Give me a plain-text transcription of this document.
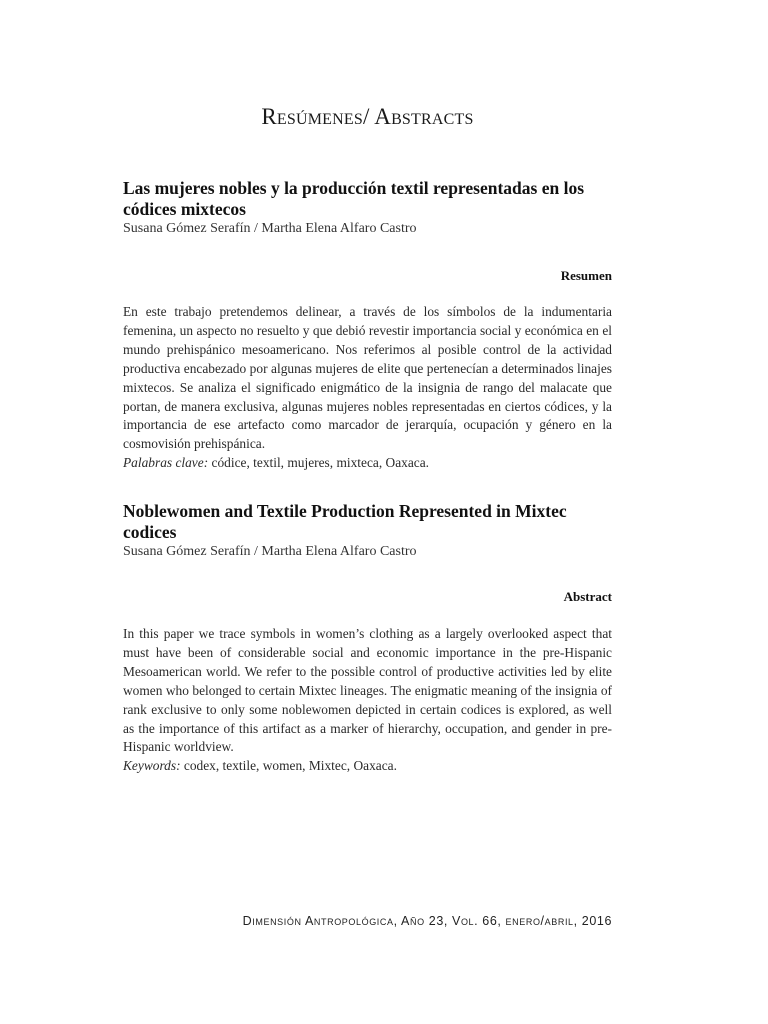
Resúmenes/ Abstracts
Las mujeres nobles y la producción textil representadas en los códices mixtecos

Susana Gómez Serafín / Martha Elena Alfaro Castro

Resumen

En este trabajo pretendemos delinear, a través de los símbolos de la indumentaria femenina, un aspecto no resuelto y que debió revestir importancia social y económica en el mundo prehispánico mesoamericano. Nos referimos al posible control de la actividad productiva encabezado por algunas mujeres de elite que pertenecían a determinados linajes mixtecos. Se analiza el significado enigmático de la insignia de rango del malacate que portan, de manera exclusiva, algunas mujeres nobles representadas en ciertos códices, y la importancia de ese artefacto como marcador de jerarquía, ocupación y género en la cosmovisión prehispánica.

Palabras clave: códice, textil, mujeres, mixteca, Oaxaca.

Noblewomen and Textile Production Represented in Mixtec codices

Susana Gómez Serafín / Martha Elena Alfaro Castro

Abstract

In this paper we trace symbols in women’s clothing as a largely overlooked aspect that must have been of considerable social and economic importance in the pre-Hispanic Mesoamerican world. We refer to the possible control of productive activities led by elite women who belonged to certain Mixtec lineages. The enigmatic meaning of the insignia of rank exclusive to only some noblewomen depicted in certain codices is explored, as well as the importance of this artifact as a marker of hierarchy, occupation, and gender in pre-Hispanic worldview.

Keywords: codex, textile, women, Mixtec, Oaxaca.

Dimensión Antropológica, Año 23, Vol. 66, enero/abril, 2016
